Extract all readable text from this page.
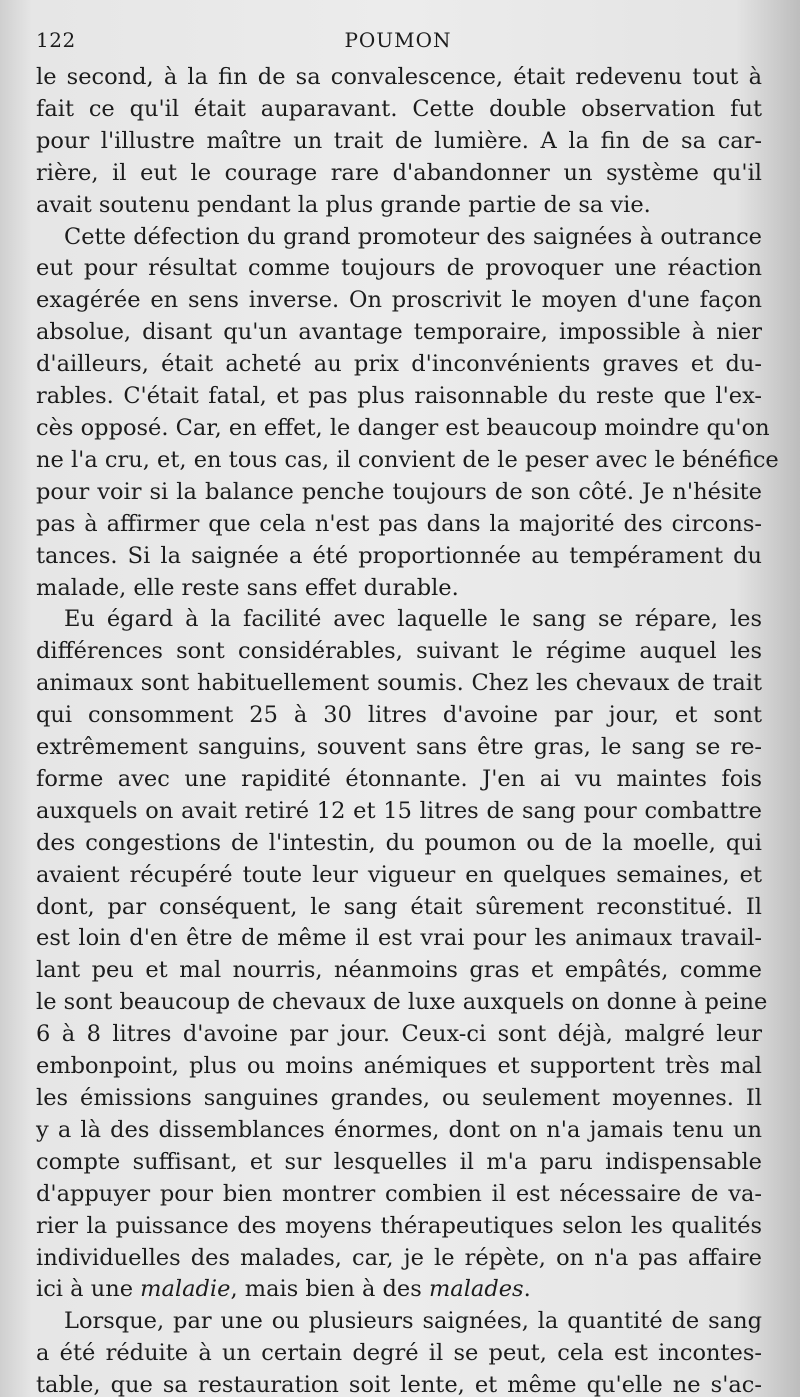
122	POUMON
le second, à la fin de sa convalescence, était redevenu tout à
fait ce qu'il était auparavant. Cette double observation fut
pour l'illustre maître un trait de lumière. A la fin de sa car-
rière, il eut le courage rare d'abandonner un système qu'il
avait soutenu pendant la plus grande partie de sa vie.
Cette défection du grand promoteur des saignées à outrance
eut pour résultat comme toujours de provoquer une réaction
exagérée en sens inverse. On proscrivit le moyen d'une façon
absolue, disant qu'un avantage temporaire, impossible à nier
d'ailleurs, était acheté au prix d'inconvénients graves et du-
rables. C'était fatal, et pas plus raisonnable du reste que l'ex-
cès opposé. Car, en effet, le danger est beaucoup moindre qu'on
ne l'a cru, et, en tous cas, il convient de le peser avec le bénéfice
pour voir si la balance penche toujours de son côté. Je n'hésite
pas à affirmer que cela n'est pas dans la majorité des circons-
tances. Si la saignée a été proportionnée au tempérament du
malade, elle reste sans effet durable.
Eu égard à la facilité avec laquelle le sang se répare, les
différences sont considérables, suivant le régime auquel les
animaux sont habituellement soumis. Chez les chevaux de trait
qui consomment 25 à 30 litres d'avoine par jour, et sont
extrêmement sanguins, souvent sans être gras, le sang se re-
forme avec une rapidité étonnante. J'en ai vu maintes fois
auxquels on avait retiré 12 et 15 litres de sang pour combattre
des congestions de l'intestin, du poumon ou de la moelle, qui
avaient récupéré toute leur vigueur en quelques semaines, et
dont, par conséquent, le sang était sûrement reconstitué. Il
est loin d'en être de même il est vrai pour les animaux travail-
lant peu et mal nourris, néanmoins gras et empâtés, comme
le sont beaucoup de chevaux de luxe auxquels on donne à peine
6 à 8 litres d'avoine par jour. Ceux-ci sont déjà, malgré leur
embonpoint, plus ou moins anémiques et supportent très mal
les émissions sanguines grandes, ou seulement moyennes. Il
y a là des dissemblances énormes, dont on n'a jamais tenu un
compte suffisant, et sur lesquelles il m'a paru indispensable
d'appuyer pour bien montrer combien il est nécessaire de va-
rier la puissance des moyens thérapeutiques selon les qualités
individuelles des malades, car, je le répète, on n'a pas affaire
ici à une maladie, mais bien à des malades.
Lorsque, par une ou plusieurs saignées, la quantité de sang
a été réduite à un certain degré il se peut, cela est incontes-
table, que sa restauration soit lente, et même qu'elle ne s'ac-
